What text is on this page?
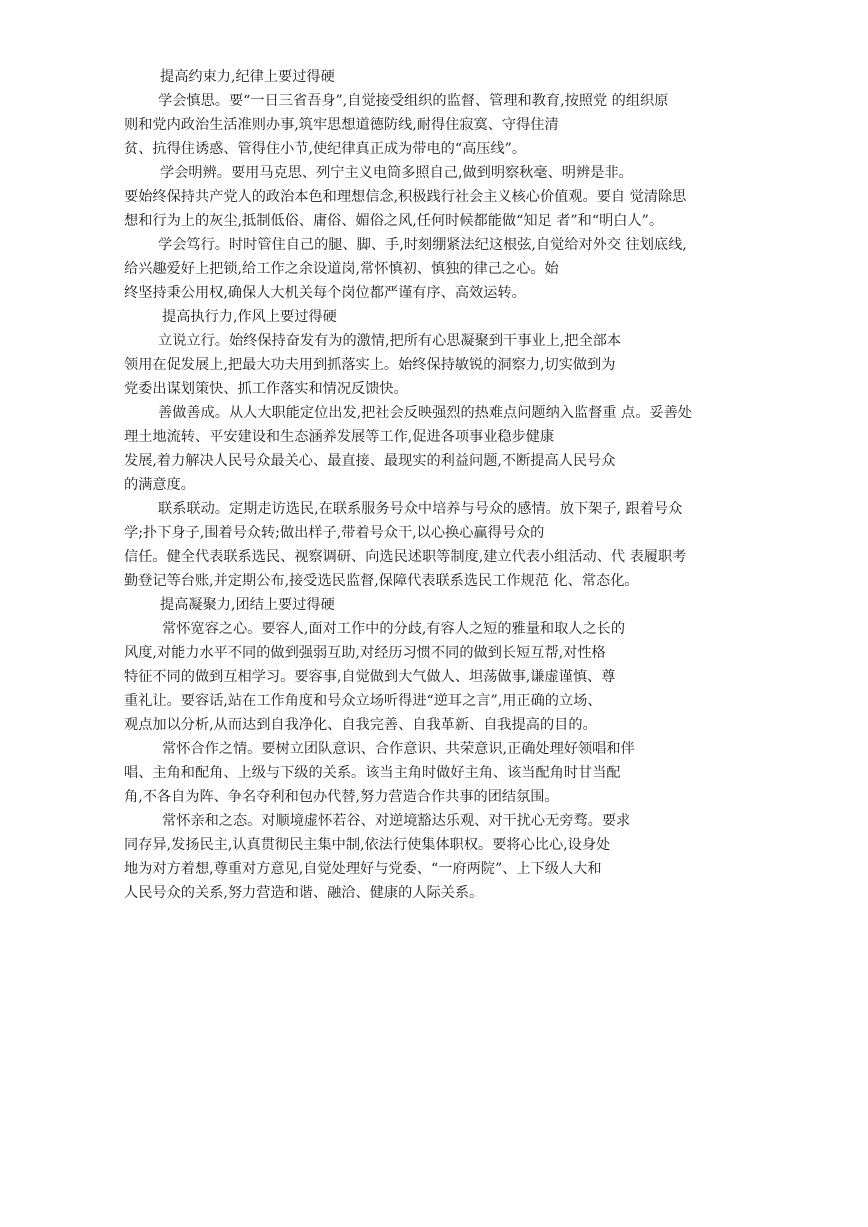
提高约束力,纪律上要过得硬
学会慎思。要“一日三省吾身”,自觉接受组织的监督、管理和教育,按照党 的组织原
则和党内政治生活准则办事,筑牢思想道德防线,耐得住寂寞、守得住清
贫、抗得住诱惑、管得住小节,使纪律真正成为带电的“高压线”。
学会明辨。要用马克思、列宁主义电筒多照自己,做到明察秋毫、明辨是非。
要始终保持共产党人的政治本色和理想信念,积极践行社会主义核心价值观。要自 觉清除思
想和行为上的灰尘,抵制低俗、庸俗、媚俗之风,任何时候都能做“知足 者”和“明白人”。
学会笃行。时时管住自己的腿、脚、手,时刻绷紧法纪这根弦,自觉给对外交 往划底线,
给兴趣爱好上把锁,给工作之余设道岗,常怀慎初、慎独的律己之心。始
终坚持秉公用权,确保人大机关每个岗位都严谨有序、高效运转。
提高执行力,作风上要过得硬
立说立行。始终保持奋发有为的激情,把所有心思凝聚到干事业上,把全部本
领用在促发展上,把最大功夫用到抓落实上。始终保持敏锐的洞察力,切实做到为
党委出谋划策快、抓工作落实和情况反馈快。
善做善成。从人大职能定位出发,把社会反映强烈的热难点问题纳入监督重 点。妥善处
理土地流转、平安建设和生态涵养发展等工作,促进各项事业稳步健康
发展,着力解决人民号众最关心、最直接、最现实的利益问题,不断提高人民号众
的满意度。
联系联动。定期走访选民,在联系服务号众中培养与号众的感情。放下架子, 跟着号众
学;扑下身子,围着号众转;做出样子,带着号众干,以心换心赢得号众的
信任。健全代表联系选民、视察调研、向选民述职等制度,建立代表小组活动、代 表履职考
勤登记等台账,并定期公布,接受选民监督,保障代表联系选民工作规范 化、常态化。
提高凝聚力,团结上要过得硬
常怀宽容之心。要容人,面对工作中的分歧,有容人之短的雅量和取人之长的
风度,对能力水平不同的做到强弱互助,对经历习惯不同的做到长短互帮,对性格
特征不同的做到互相学习。要容事,自觉做到大气做人、坦荡做事,谦虚谨慎、尊
重礼让。要容话,站在工作角度和号众立场听得进“逆耳之言”,用正确的立场、
观点加以分析,从而达到自我净化、自我完善、自我革新、自我提高的目的。
常怀合作之情。要树立团队意识、合作意识、共荣意识,正确处理好领唱和伴
唱、主角和配角、上级与下级的关系。该当主角时做好主角、该当配角时甘当配
角,不各自为阵、争名夺利和包办代替,努力营造合作共事的团结氛围。
常怀亲和之态。对顺境虚怀若谷、对逆境豁达乐观、对干扰心无旁骛。要求
同存异,发扬民主,认真贯彻民主集中制,依法行使集体职权。要将心比心,设身处
地为对方着想,尊重对方意见,自觉处理好与党委、“一府两院”、上下级人大和
人民号众的关系,努力营造和谐、融洽、健康的人际关系。
